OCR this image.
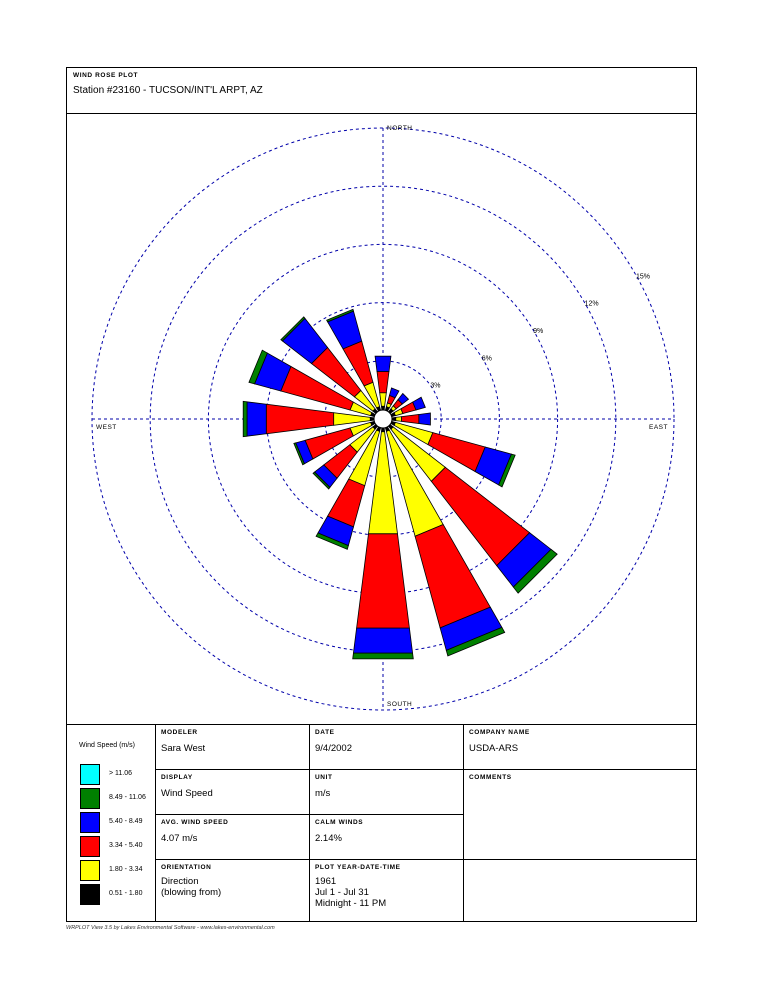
WIND ROSE PLOT
Station #23160 - TUCSON/INT'L ARPT, AZ
3%
6%
9%
12%
15%
NORTH
SOUTH
EAST
WEST
Wind Speed (m/s)
> 11.06
8.49 - 11.06
5.40 - 8.49
3.34 - 5.40
1.80 - 3.34
0.51 - 1.80
MODELER
Sara West
DATE
9/4/2002
COMPANY NAME
USDA-ARS
DISPLAY
Wind Speed
UNIT
m/s
COMMENTS
AVG. WIND SPEED
4.07 m/s
CALM WINDS
2.14%
ORIENTATION
Direction
(blowing from)
PLOT YEAR-DATE-TIME
1961
Jul 1 - Jul 31
Midnight - 11 PM
WRPLOT View 3.5 by Lakes Environmental Software - www.lakes-environmental.com
